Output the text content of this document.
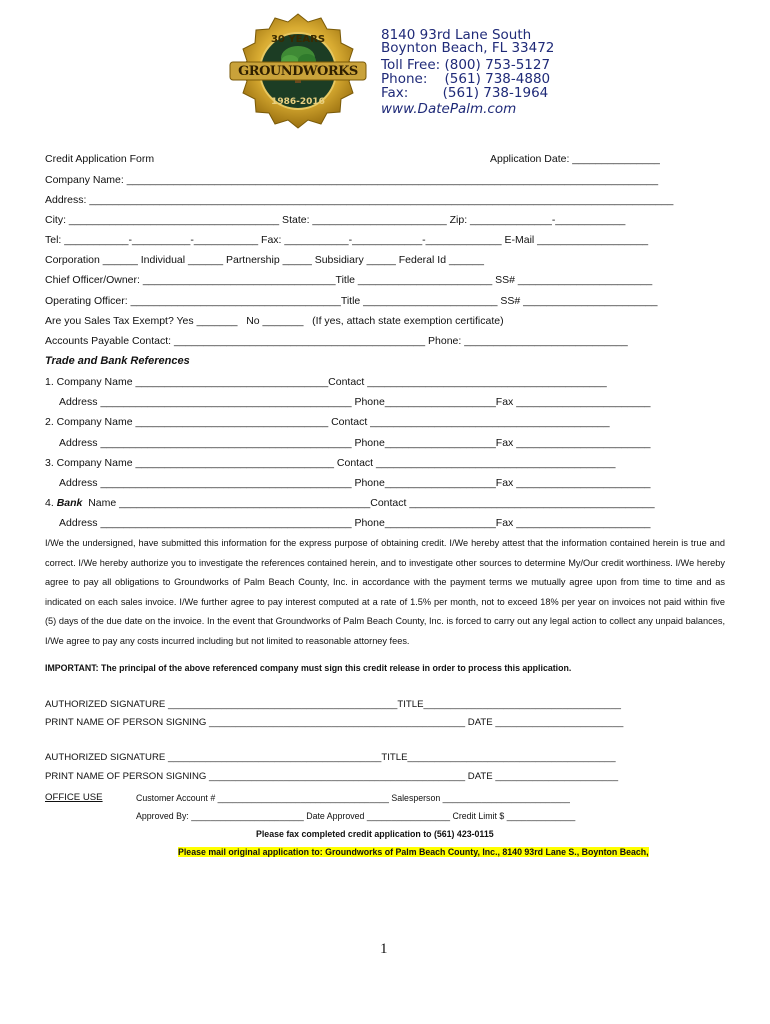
30 YEARS
GROUNDWORKS
1986-2016
8140 93rd Lane South
Boynton Beach, FL 33472
Toll Free: (800) 753-5127
Phone:    (561) 738-4880
Fax:        (561) 738-1964
www.DatePalm.com
Credit Application Form	Application Date: _______________
Company Name: ___________________________________________________________________________________________
Address: ____________________________________________________________________________________________________
City: ____________________________________ State: _______________________ Zip: ______________-____________
Tel: ___________-__________-___________ Fax: ___________-____________-_____________ E-Mail ___________________
Corporation ______ Individual ______ Partnership _____ Subsidiary _____ Federal Id ______
Chief Officer/Owner: _________________________________Title _______________________ SS# _______________________
Operating Officer: ____________________________________Title _______________________ SS# _______________________
Are you Sales Tax Exempt? Yes _______   No _______   (If yes, attach state exemption certificate)
Accounts Payable Contact: ___________________________________________ Phone: ____________________________
Trade and Bank References
1. Company Name _________________________________Contact _________________________________________
Address ___________________________________________ Phone___________________Fax _______________________
2. Company Name _________________________________ Contact _________________________________________
Address ___________________________________________ Phone___________________Fax _______________________
3. Company Name __________________________________ Contact _________________________________________
Address ___________________________________________ Phone___________________Fax _______________________
4. Bank  Name ___________________________________________Contact __________________________________________
Address ___________________________________________ Phone___________________Fax _______________________
I/We the undersigned, have submitted this information for the express purpose of obtaining credit. I/We hereby attest that the information contained herein is true and correct. I/We hereby authorize you to investigate the references contained herein, and to investigate other sources to determine My/Our credit worthiness. I/We hereby agree to pay all obligations to Groundworks of Palm Beach County, Inc. in accordance with the payment terms we mutually agree upon from time to time and as indicated on each sales invoice. I/We further agree to pay interest computed at a rate of 1.5% per month, not to exceed 18% per year on invoices not paid within five (5) days of the due date on the invoice. In the event that Groundworks of Palm Beach County, Inc. is forced to carry out any legal action to collect any unpaid balances, I/We agree to pay any costs incurred including but not limited to reasonable attorney fees.
IMPORTANT: The principal of the above referenced company must sign this credit release in order to process this application.
AUTHORIZED SIGNATURE ___________________________________________TITLE_____________________________________
PRINT NAME OF PERSON SIGNING ________________________________________________ DATE ________________________
AUTHORIZED SIGNATURE ________________________________________TITLE_______________________________________
PRINT NAME OF PERSON SIGNING ________________________________________________ DATE _______________________
OFFICE USE	Customer Account # ___________________________________ Salesperson __________________________
Approved By: _______________________ Date Approved _________________ Credit Limit $ ______________
Please fax completed credit application to (561) 423-0115
Please mail original application to: Groundworks of Palm Beach County, Inc., 8140 93rd Lane S., Boynton Beach,
1
